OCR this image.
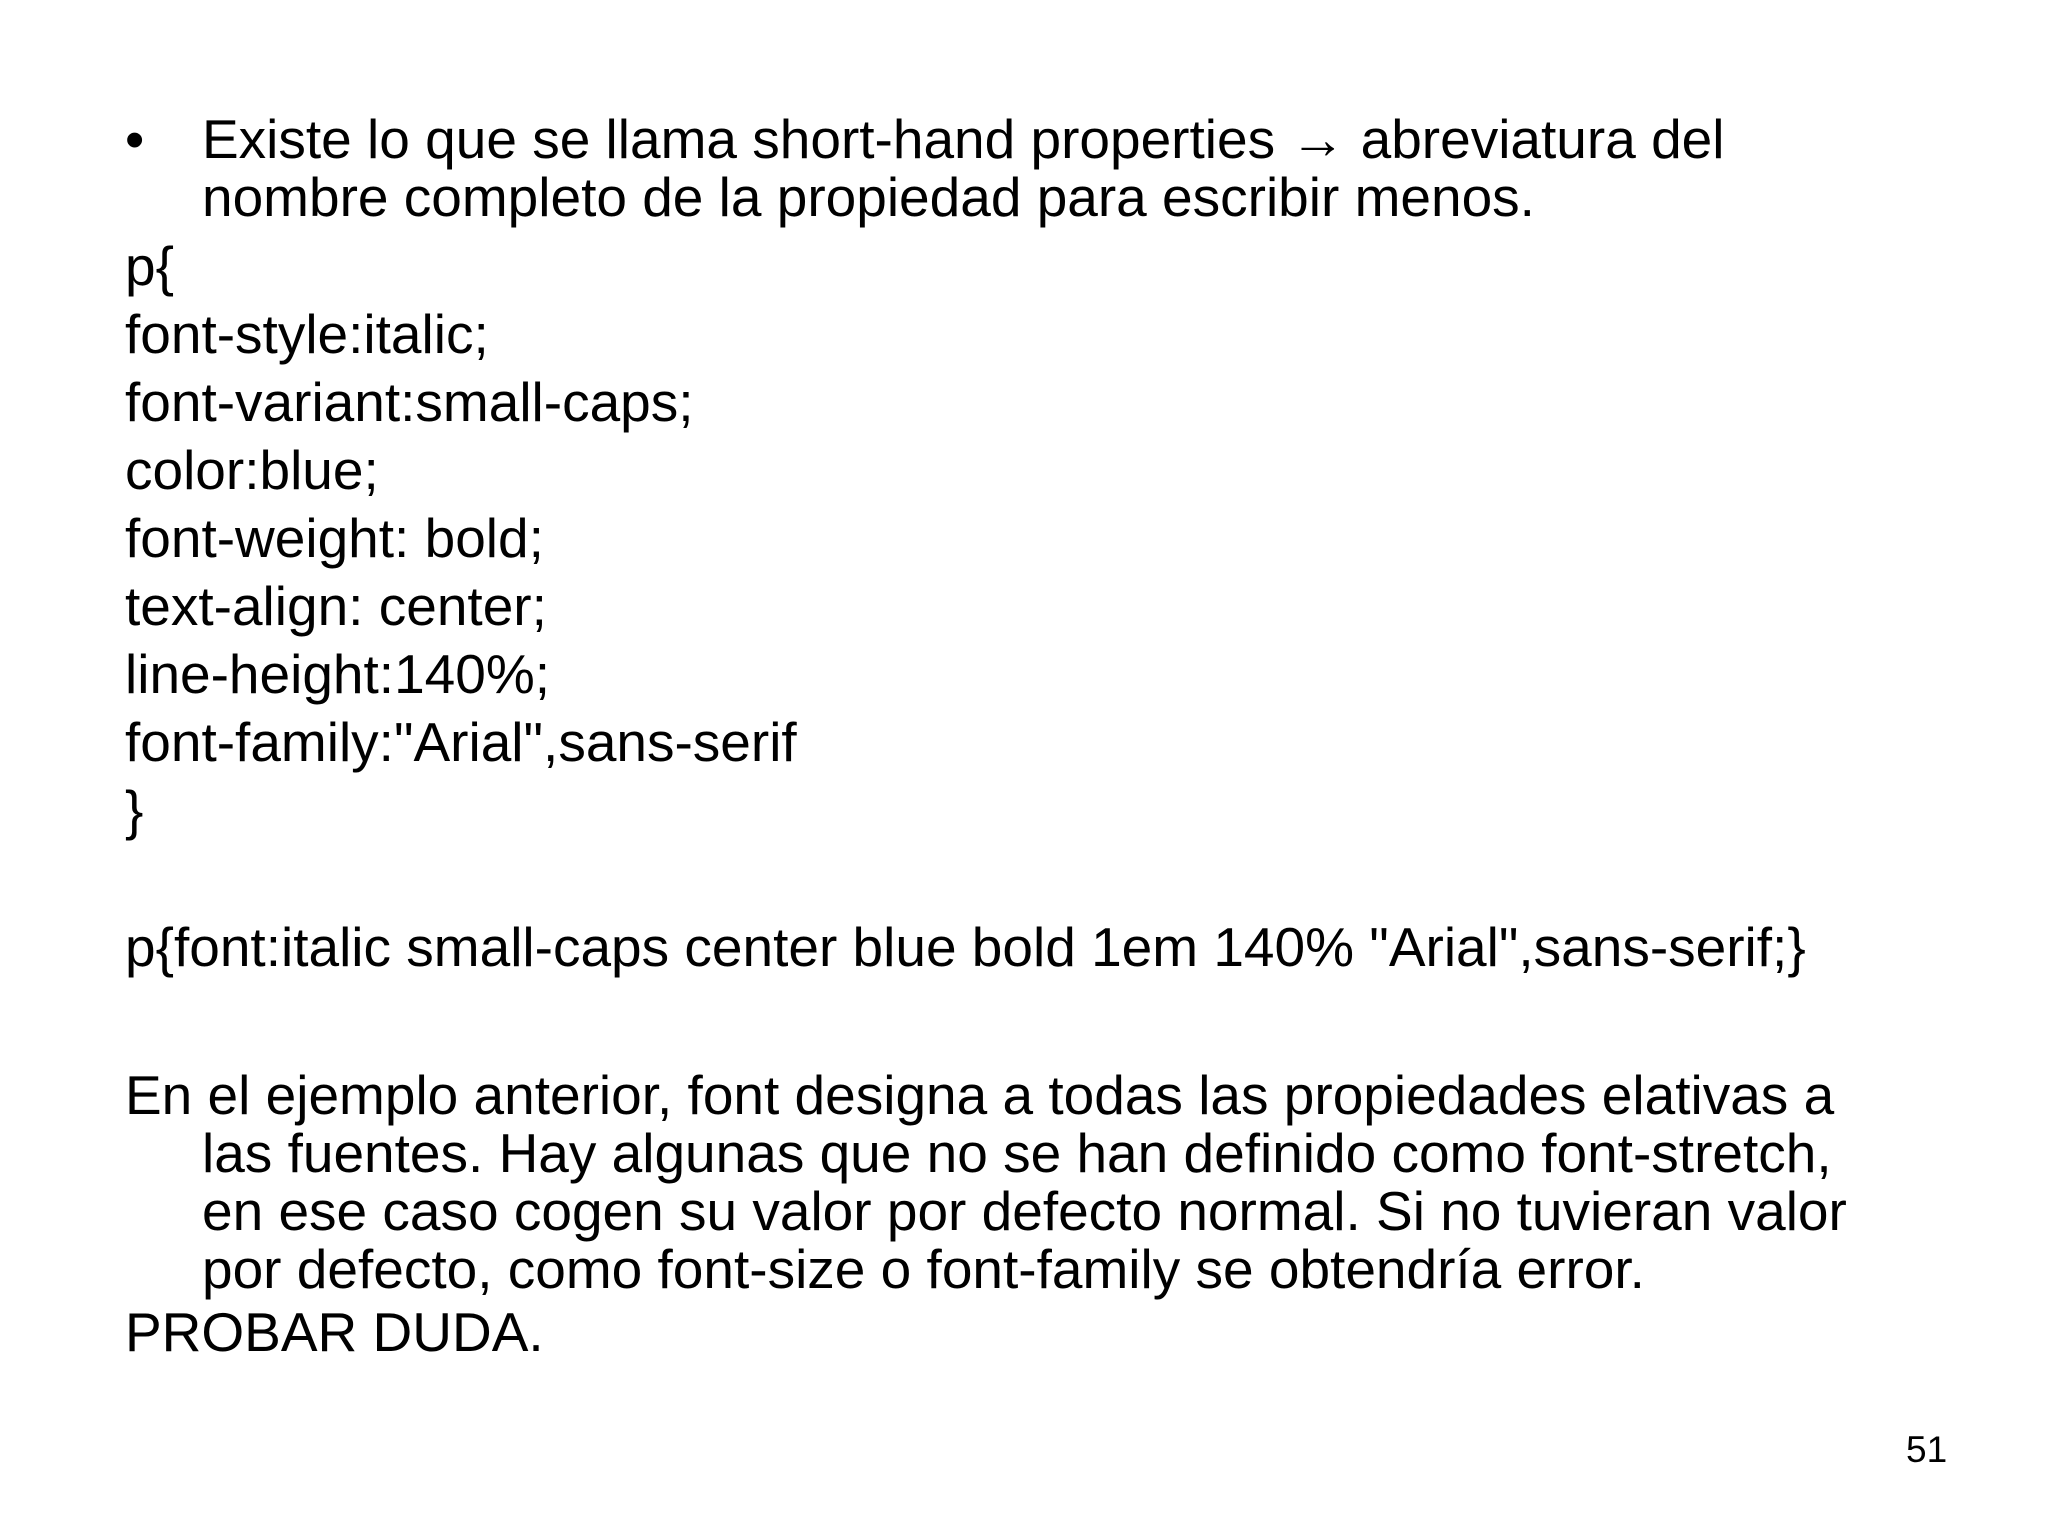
• Existe lo que se llama short-hand properties → abreviatura del
nombre completo de la propiedad para escribir menos.
p{
font-style:italic;
font-variant:small-caps;
color:blue;
font-weight: bold;
text-align: center;
line-height:140%;
font-family:"Arial",sans-serif
}
p{font:italic small-caps center blue bold 1em 140% "Arial",sans-serif;}
En el ejemplo anterior, font designa a todas las propiedades elativas a
las fuentes. Hay algunas que no se han definido como font-stretch,
en ese caso cogen su valor por defecto normal. Si no tuvieran valor
por defecto, como font-size o font-family se obtendría error.
PROBAR DUDA.
51
